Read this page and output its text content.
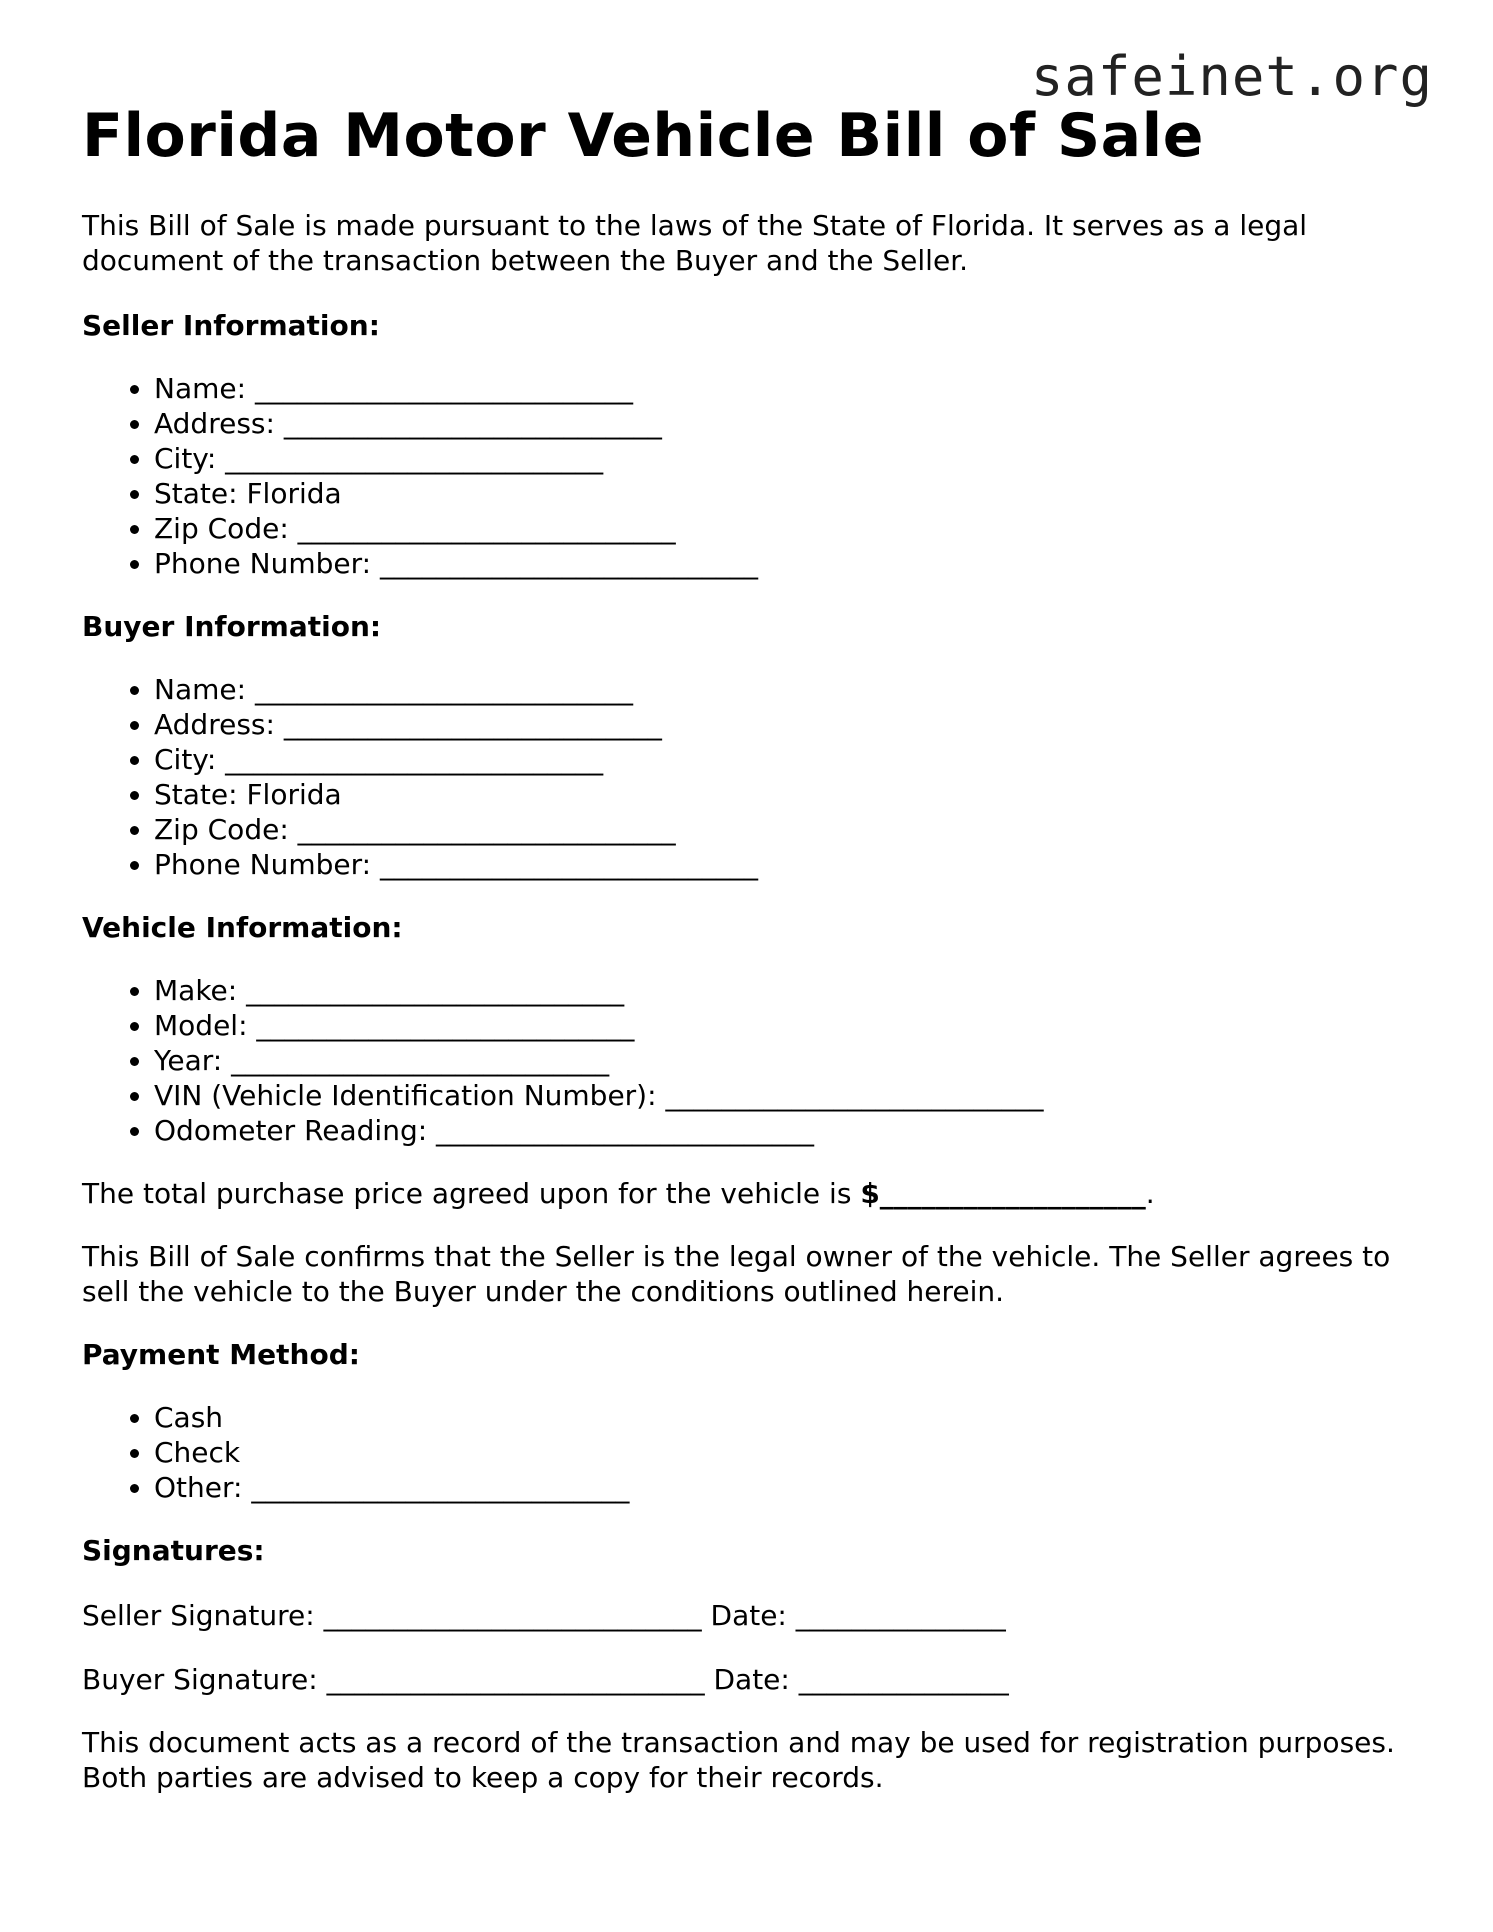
safeinet.org
Florida Motor Vehicle Bill of Sale

This Bill of Sale is made pursuant to the laws of the State of Florida. It serves as a legal document of the transaction between the Buyer and the Seller.

Seller Information:
• Name: ___________________________
• Address: ___________________________
• City: ___________________________
• State: Florida
• Zip Code: ___________________________
• Phone Number: ___________________________
Buyer Information:
• Name: ___________________________
• Address: ___________________________
• City: ___________________________
• State: Florida
• Zip Code: ___________________________
• Phone Number: ___________________________
Vehicle Information:
• Make: ___________________________
• Model: ___________________________
• Year: ___________________________
• VIN (Vehicle Identification Number): ___________________________
• Odometer Reading: ___________________________

The total purchase price agreed upon for the vehicle is $___________________.

This Bill of Sale confirms that the Seller is the legal owner of the vehicle. The Seller agrees to sell the vehicle to the Buyer under the conditions outlined herein.

Payment Method:
• Cash
• Check
• Other: ___________________________
Signatures:

Seller Signature: ___________________________ Date: _______________

Buyer Signature: ___________________________ Date: _______________

This document acts as a record of the transaction and may be used for registration purposes. Both parties are advised to keep a copy for their records.
